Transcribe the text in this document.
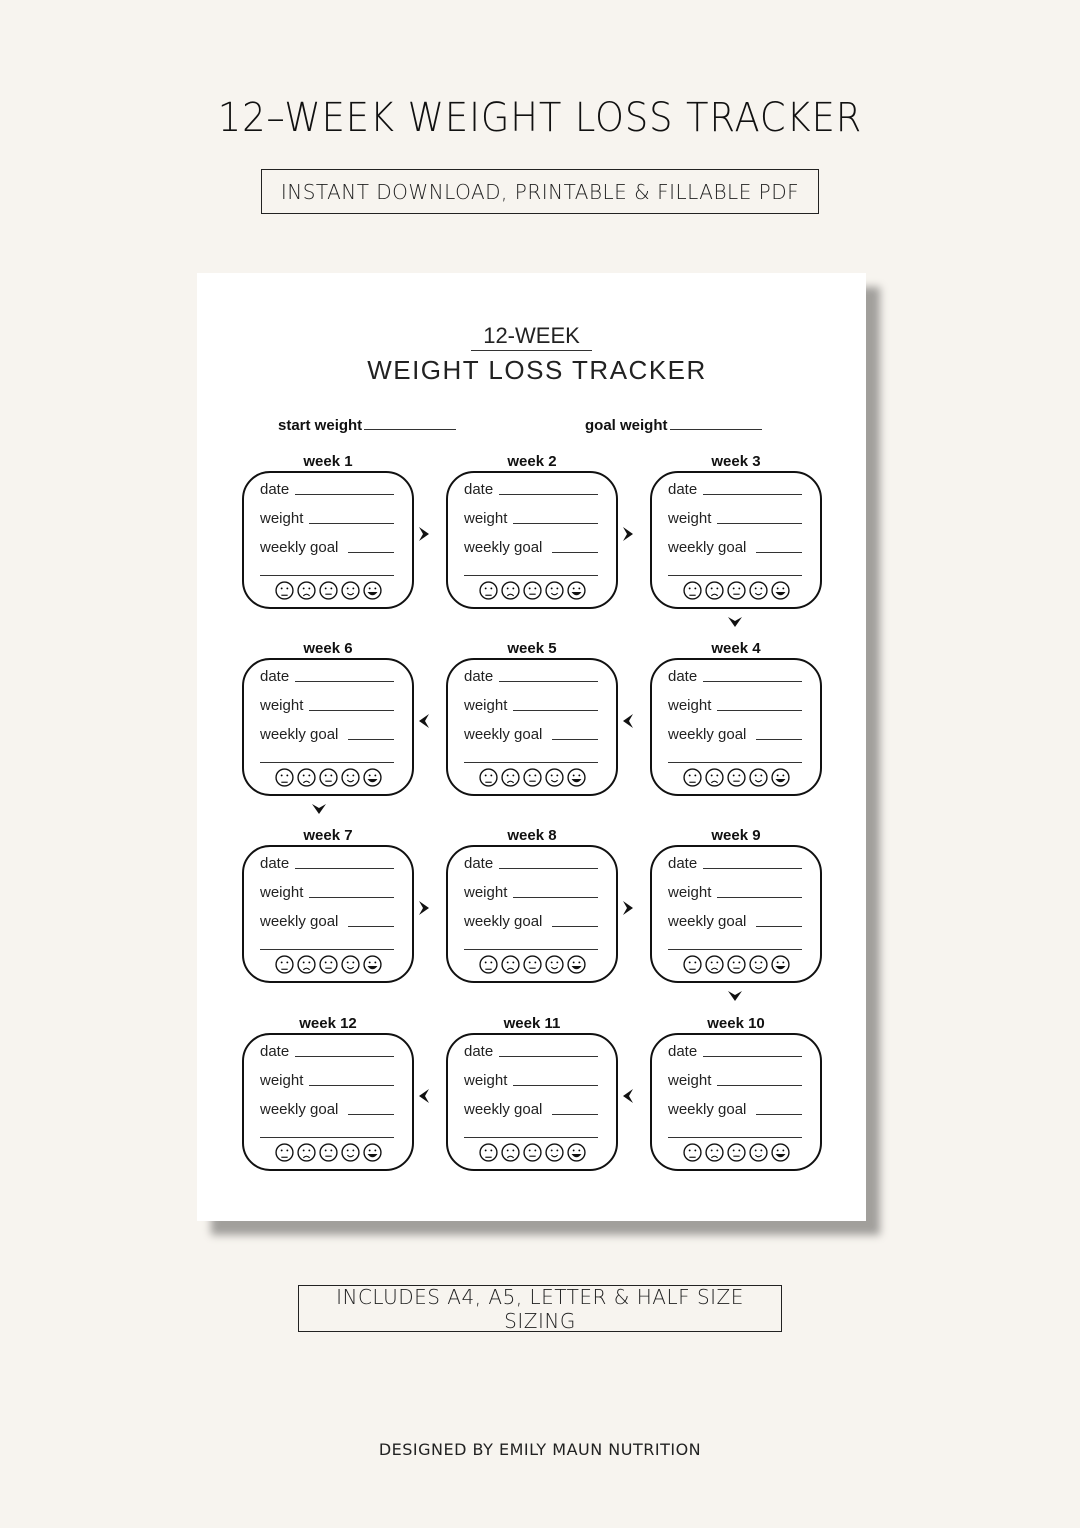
12–WEEK WEIGHT LOSS TRACKER
INSTANT DOWNLOAD, PRINTABLE & FILLABLE PDF
12-WEEK
WEIGHT LOSS TRACKER
start weight	goal weight
week 1
date
weight
weekly goal
week 2
date
weight
weekly goal
week 3
date
weight
weekly goal
week 6
date
weight
weekly goal
week 5
date
weight
weekly goal
week 4
date
weight
weekly goal
week 7
date
weight
weekly goal
week 8
date
weight
weekly goal
week 9
date
weight
weekly goal
week 12
date
weight
weekly goal
week 11
date
weight
weekly goal
week 10
date
weight
weekly goal
INCLUDES A4, A5, LETTER & HALF SIZE SIZING
DESIGNED BY EMILY MAUN NUTRITION
